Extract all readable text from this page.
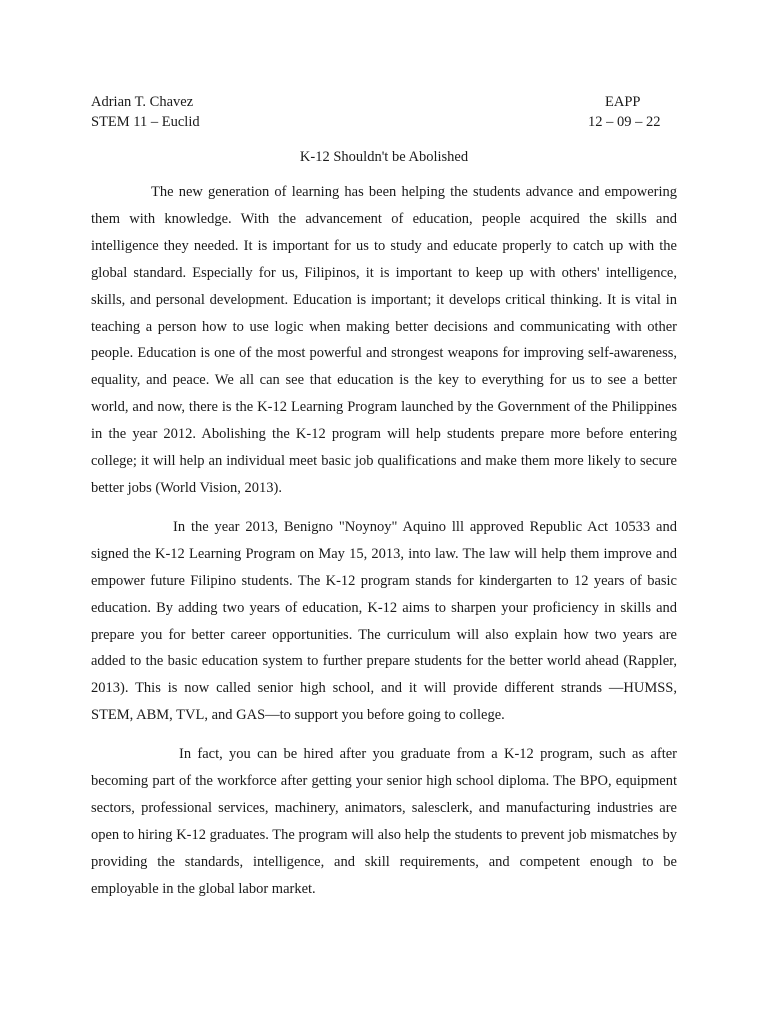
Adrian T. Chavez	EAPP
STEM 11 – Euclid	12 – 09 – 22
K-12 Shouldn't be Abolished

The new generation of learning has been helping the students advance and empowering them with knowledge. With the advancement of education, people acquired the skills and intelligence they needed. It is important for us to study and educate properly to catch up with the global standard. Especially for us, Filipinos, it is important to keep up with others' intelligence, skills, and personal development. Education is important; it develops critical thinking. It is vital in teaching a person how to use logic when making better decisions and communicating with other people. Education is one of the most powerful and strongest weapons for improving self-awareness, equality, and peace. We all can see that education is the key to everything for us to see a better world, and now, there is the K-12 Learning Program launched by the Government of the Philippines in the year 2012. Abolishing the K-12 program will help students prepare more before entering college; it will help an individual meet basic job qualifications and make them more likely to secure better jobs (World Vision, 2013).

In the year 2013, Benigno "Noynoy" Aquino lll approved Republic Act 10533 and signed the K-12 Learning Program on May 15, 2013, into law. The law will help them improve and empower future Filipino students. The K-12 program stands for kindergarten to 12 years of basic education. By adding two years of education, K-12 aims to sharpen your proficiency in skills and prepare you for better career opportunities. The curriculum will also explain how two years are added to the basic education system to further prepare students for the better world ahead (Rappler, 2013). This is now called senior high school, and it will provide different strands —HUMSS, STEM, ABM, TVL, and GAS—to support you before going to college.

In fact, you can be hired after you graduate from a K-12 program, such as after becoming part of the workforce after getting your senior high school diploma. The BPO, equipment sectors, professional services, machinery, animators, salesclerk, and manufacturing industries are open to hiring K-12 graduates. The program will also help the students to prevent job mismatches by providing the standards, intelligence, and skill requirements, and competent enough to be employable in the global labor market.
